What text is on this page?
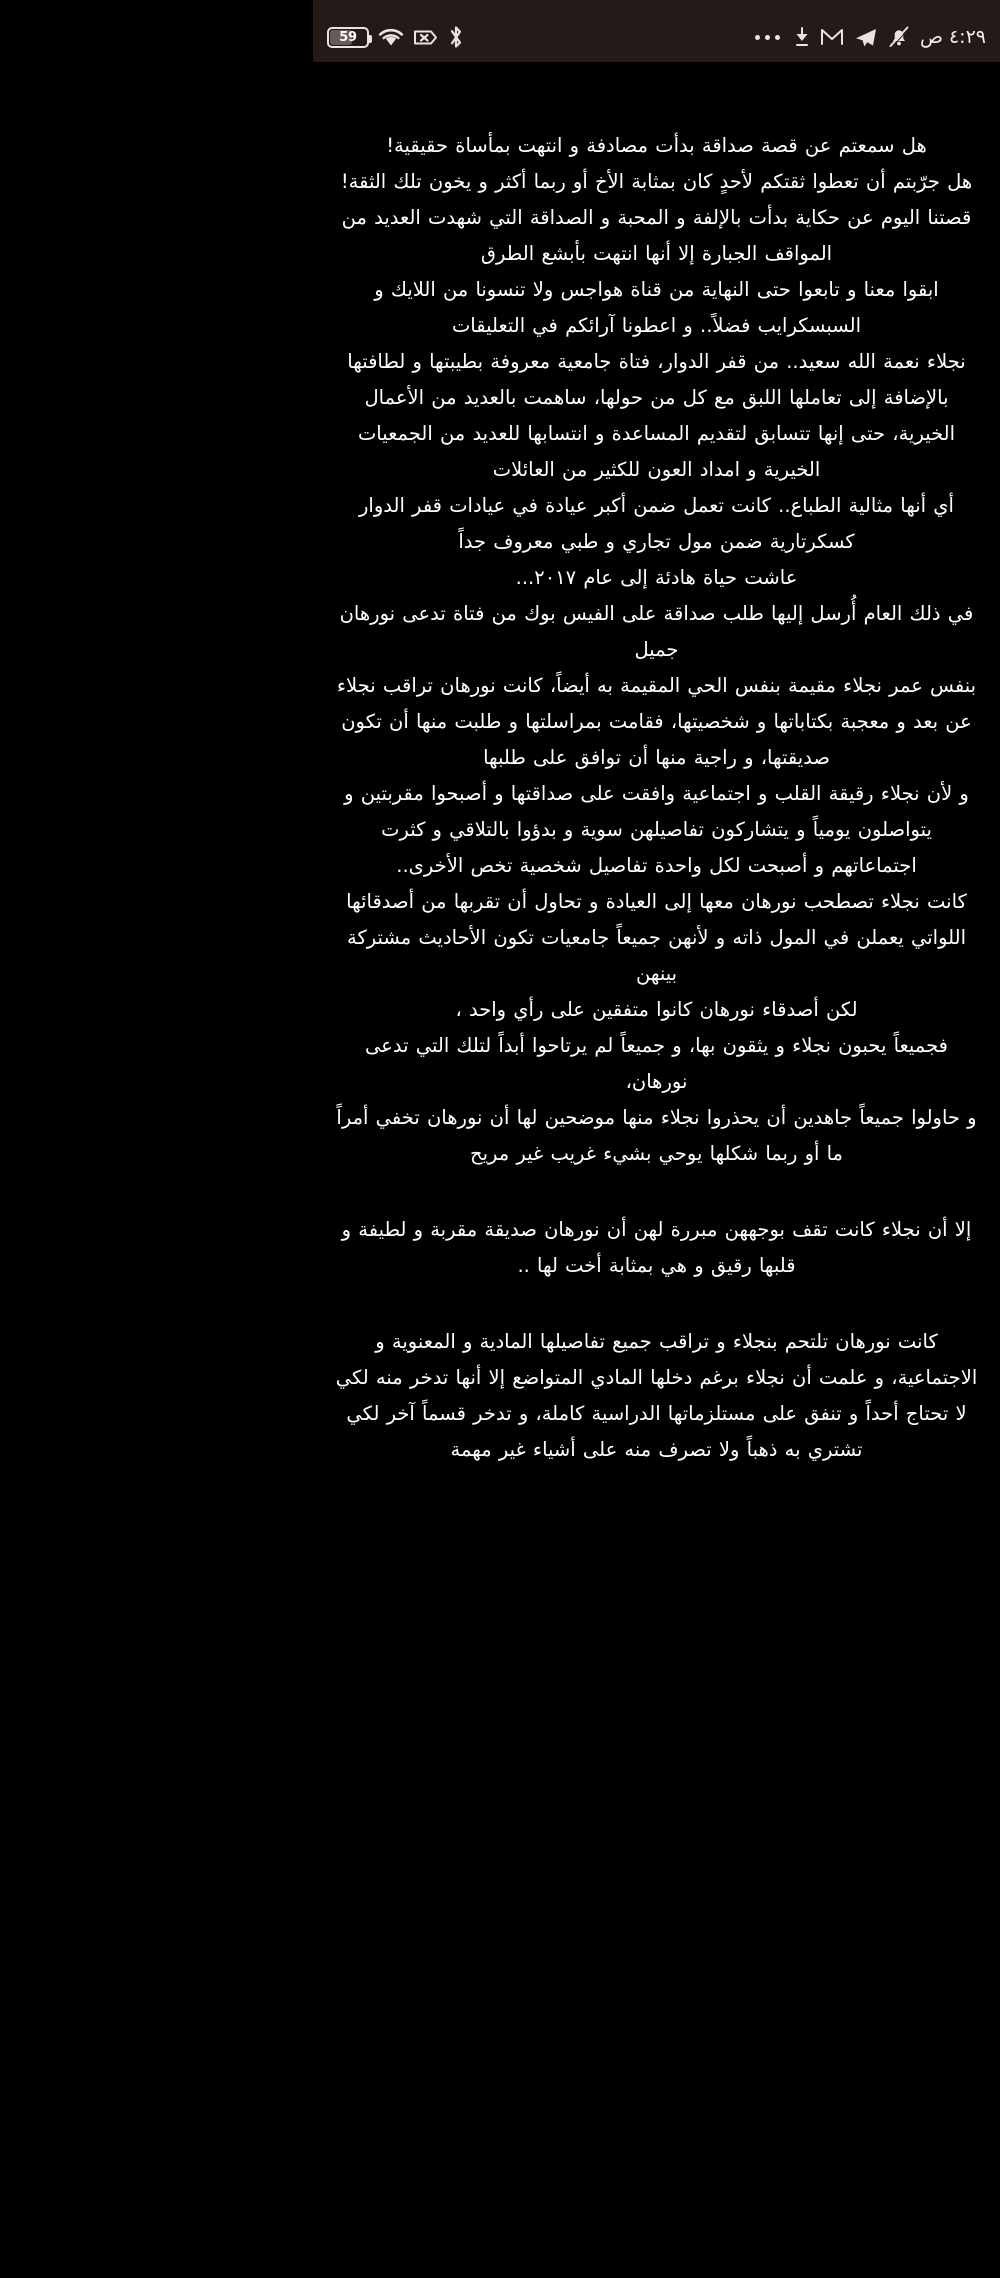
59	٤:٢٩ ص

هل سمعتم عن قصة صداقة بدأت مصادفة و انتهت بمأساة حقيقية!

هل جرّبتم أن تعطوا ثقتكم لأحدٍ كان بمثابة الأخ أو ربما أكثر و يخون تلك الثقة!

قصتنا اليوم عن حكاية بدأت بالإلفة و المحبة و الصداقة التي شهدت العديد من المواقف الجبارة إلا أنها انتهت بأبشع الطرق

ابقوا معنا و تابعوا حتى النهاية من قناة هواجس ولا تنسونا من اللايك و السبسكرايب فضلاً.. و اعطونا آرائكم في التعليقات

نجلاء نعمة الله سعيد.. من قفر الدوار، فتاة جامعية معروفة بطيبتها و لطافتها بالإضافة إلى تعاملها اللبق مع كل من حولها، ساهمت بالعديد من الأعمال الخيرية، حتى إنها تتسابق لتقديم المساعدة و انتسابها للعديد من الجمعيات الخيرية و امداد العون للكثير من العائلات

أي أنها مثالية الطباع.. كانت تعمل ضمن أكبر عيادة في عيادات قفر الدوار كسكرتارية ضمن مول تجاري و طبي معروف جداً

عاشت حياة هادئة إلى عام ٢٠١٧...

في ذلك العام أُرسل إليها طلب صداقة على الفيس بوك من فتاة تدعى نورهان جميل

بنفس عمر نجلاء مقيمة بنفس الحي المقيمة به أيضاً، كانت نورهان تراقب نجلاء عن بعد و معجبة بكتاباتها و شخصيتها، فقامت بمراسلتها و طلبت منها أن تكون صديقتها، و راجية منها أن توافق على طلبها

و لأن نجلاء رقيقة القلب و اجتماعية وافقت على صداقتها و أصبحوا مقربتين و يتواصلون يومياً و يتشاركون تفاصيلهن سوية و بدؤوا بالتلاقي و كثرت اجتماعاتهم و أصبحت لكل واحدة تفاصيل شخصية تخص الأخرى..

كانت نجلاء تصطحب نورهان معها إلى العيادة و تحاول أن تقربها من أصدقائها اللواتي يعملن في المول ذاته و لأنهن جميعاً جامعيات تكون الأحاديث مشتركة بينهن

لكن أصدقاء نورهان كانوا متفقين على رأي واحد ،

فجميعاً يحبون نجلاء و يثقون بها، و جميعاً لم يرتاحوا أبداً لتلك التي تدعى نورهان،

و حاولوا جميعاً جاهدين أن يحذروا نجلاء منها موضحين لها أن نورهان تخفي أمراً ما أو ربما شكلها يوحي بشيء غريب غير مريح

إلا أن نجلاء كانت تقف بوجههن مبررة لهن أن نورهان صديقة مقربة و لطيفة و قلبها رقيق و هي بمثابة أخت لها ..

كانت نورهان تلتحم بنجلاء و تراقب جميع تفاصيلها المادية و المعنوية و الاجتماعية، و علمت أن نجلاء برغم دخلها المادي المتواضع إلا أنها تدخر منه لكي لا تحتاج أحداً و تنفق على مستلزماتها الدراسية كاملة، و تدخر قسماً آخر لكي تشتري به ذهباً ولا تصرف منه على أشياء غير مهمة
